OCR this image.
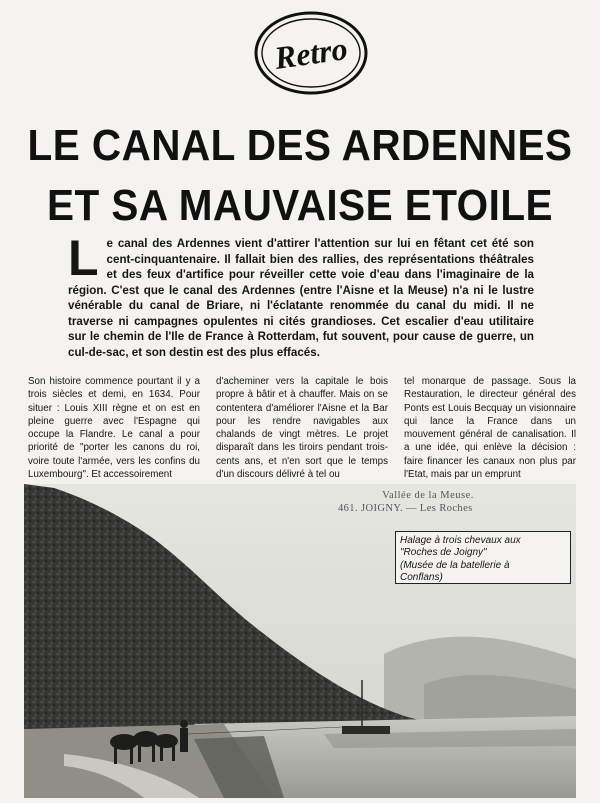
Retro
LE CANAL DES ARDENNES
ET SA MAUVAISE ETOILE

Le canal des Ardennes vient d'attirer l'attention sur lui en fêtant cet été son cent-cinquantenaire. Il fallait bien des rallies, des représentations théâtrales et des feux d'artifice pour réveiller cette voie d'eau dans l'imaginaire de la région. C'est que le canal des Ardennes (entre l'Aisne et la Meuse) n'a ni le lustre vénérable du canal de Briare, ni l'éclatante renommée du canal du midi. Il ne traverse ni campagnes opulentes ni cités grandioses. Cet escalier d'eau utilitaire sur le chemin de l'Ile de France à Rotterdam, fut souvent, pour cause de guerre, un cul-de-sac, et son destin est des plus effacés.

Son histoire commence pourtant il y a trois siècles et demi, en 1634. Pour situer : Louis XIII règne et on est en pleine guerre avec l'Espagne qui occupe la Flandre. Le canal a pour priorité de "porter les canons du roi, voire toute l'armée, vers les confins du Luxembourg". Et accessoirement

d'acheminer vers la capitale le bois propre à bâtir et à chauffer. Mais on se contentera d'améliorer l'Aisne et la Bar pour les rendre navigables aux chalands de vingt mètres. Le projet disparaît dans les tiroirs pendant trois-cents ans, et n'en sort que le temps d'un discours délivré à tel ou

tel monarque de passage. Sous la Restauration, le directeur général des Ponts est Louis Becquay un visionnaire qui lance la France dans un mouvement général de canalisation. Il a une idée, qui enlève la décision : faire financer les canaux non plus par l'Etat, mais par un emprunt

Vallée de la Meuse.
461. JOIGNY. — Les Roches
Halage à trois chevaux aux
"Roches de Joigny"
(Musée de la batellerie à
Conflans)
